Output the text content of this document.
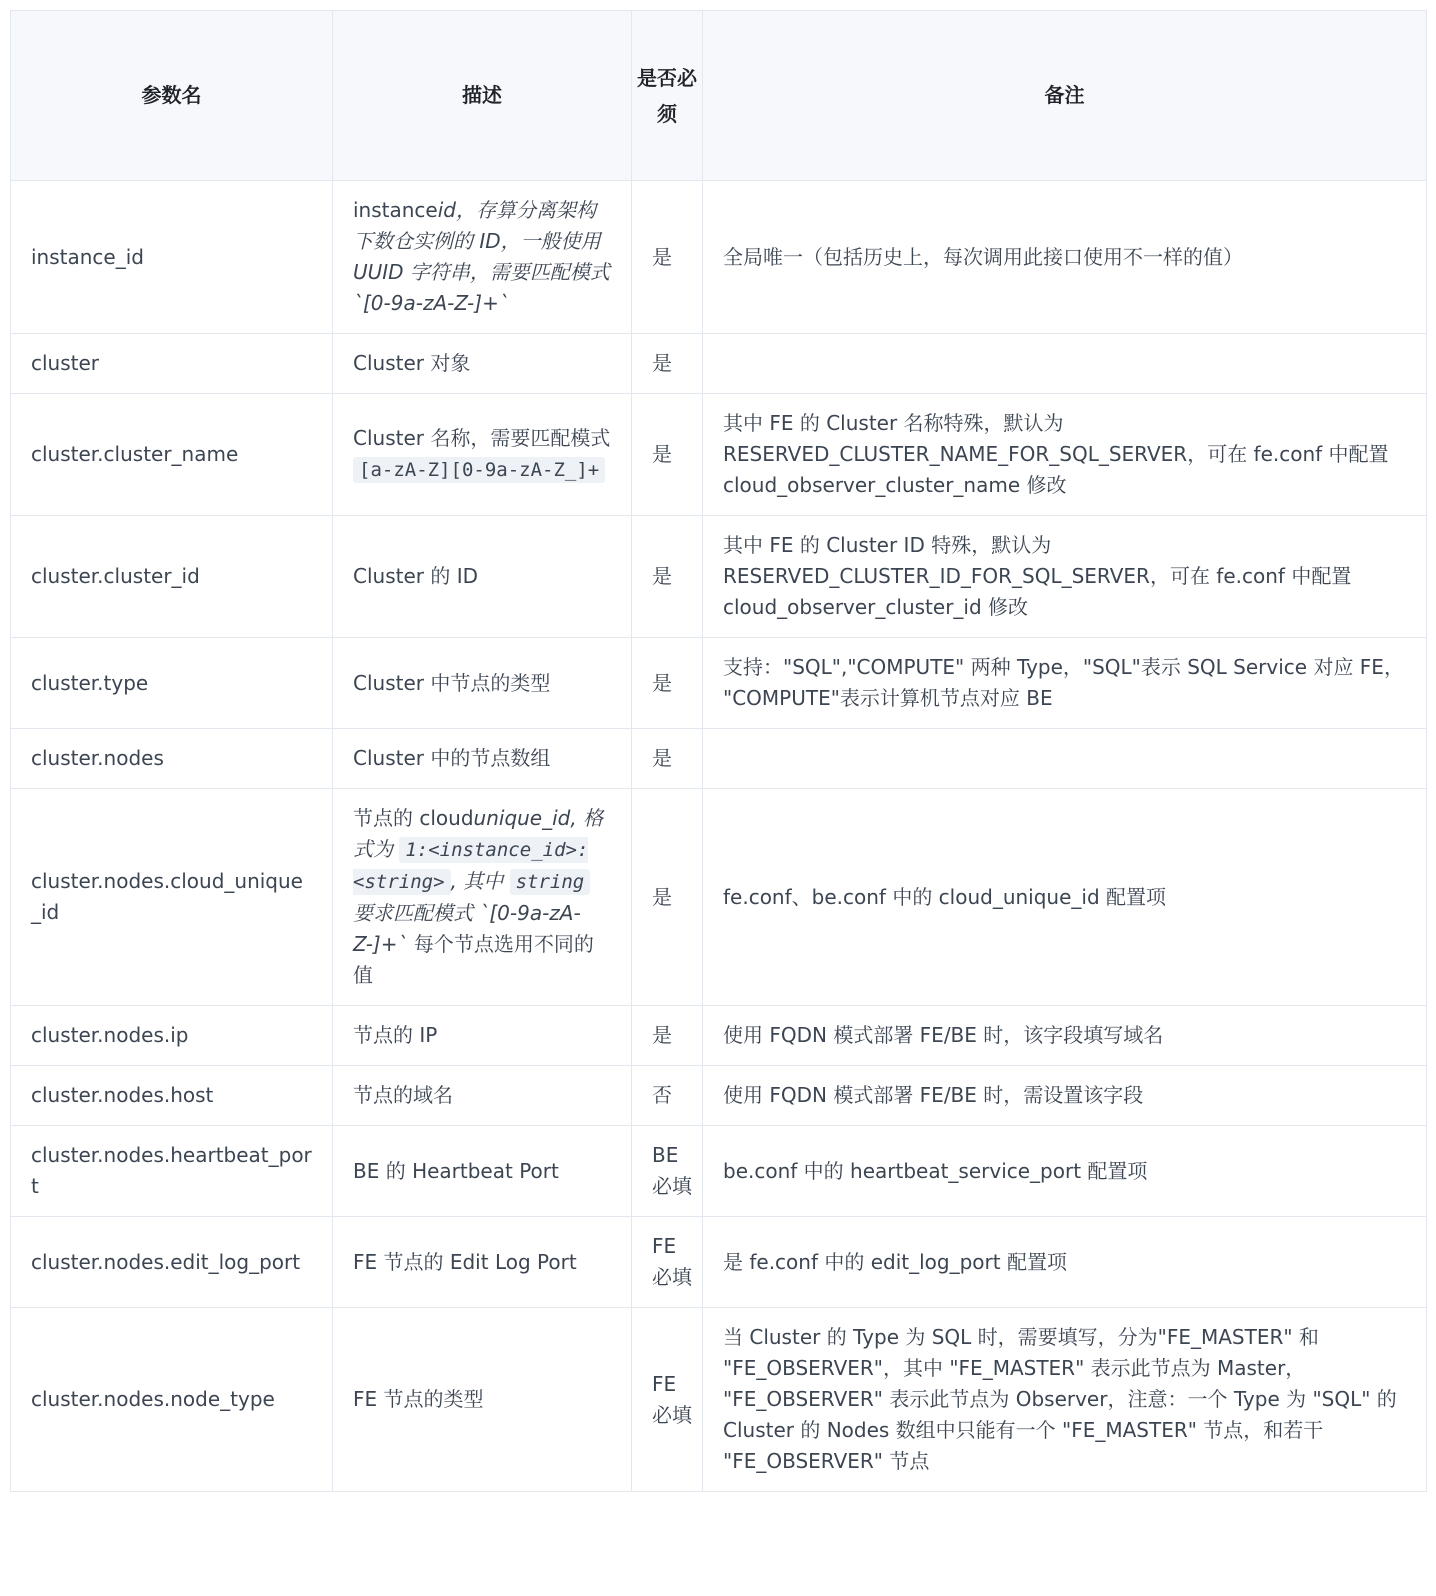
参数名	描述	是否必须	备注
instance_id	instanceid，存算分离架构下数仓实例的 ID，一般使用 UUID 字符串，需要匹配模式`[0-9a-zA-Z-]+`	是	全局唯一（包括历史上，每次调用此接口使用不一样的值）
cluster	Cluster 对象	是	
cluster.cluster_name	Cluster 名称，需要匹配模式 [a-zA-Z][0-9a-zA-Z_]+	是	其中 FE 的 Cluster 名称特殊，默认为 RESERVED_CLUSTER_NAME_FOR_SQL_SERVER，可在 fe.conf 中配置 cloud_observer_cluster_name 修改
cluster.cluster_id	Cluster 的 ID	是	其中 FE 的 Cluster ID 特殊，默认为 RESERVED_CLUSTER_ID_FOR_SQL_SERVER，可在 fe.conf 中配置 cloud_observer_cluster_id 修改
cluster.type	Cluster 中节点的类型	是	支持："SQL","COMPUTE" 两种 Type，"SQL"表示 SQL Service 对应 FE， "COMPUTE"表示计算机节点对应 BE
cluster.nodes	Cluster 中的节点数组	是	
cluster.nodes.cloud_unique_id	节点的 cloudunique_id, 格式为 1:<instance_id>:<string> , 其中 string 要求匹配模式 `[0-9a-zA-Z-]+` 每个节点选用不同的值	是	fe.conf、be.conf 中的 cloud_unique_id 配置项
cluster.nodes.ip	节点的 IP	是	使用 FQDN 模式部署 FE/BE 时，该字段填写域名
cluster.nodes.host	节点的域名	否	使用 FQDN 模式部署 FE/BE 时，需设置该字段
cluster.nodes.heartbeat_port	BE 的 Heartbeat Port	BE 必填	be.conf 中的 heartbeat_service_port 配置项
cluster.nodes.edit_log_port	FE 节点的 Edit Log Port	FE 必填	是 fe.conf 中的 edit_log_port 配置项
cluster.nodes.node_type	FE 节点的类型	FE 必填	当 Cluster 的 Type 为 SQL 时，需要填写，分为"FE_MASTER" 和 "FE_OBSERVER"，其中 "FE_MASTER" 表示此节点为 Master， "FE_OBSERVER" 表示此节点为 Observer，注意：一个 Type 为 "SQL" 的 Cluster 的 Nodes 数组中只能有一个 "FE_MASTER" 节点，和若干 "FE_OBSERVER" 节点
